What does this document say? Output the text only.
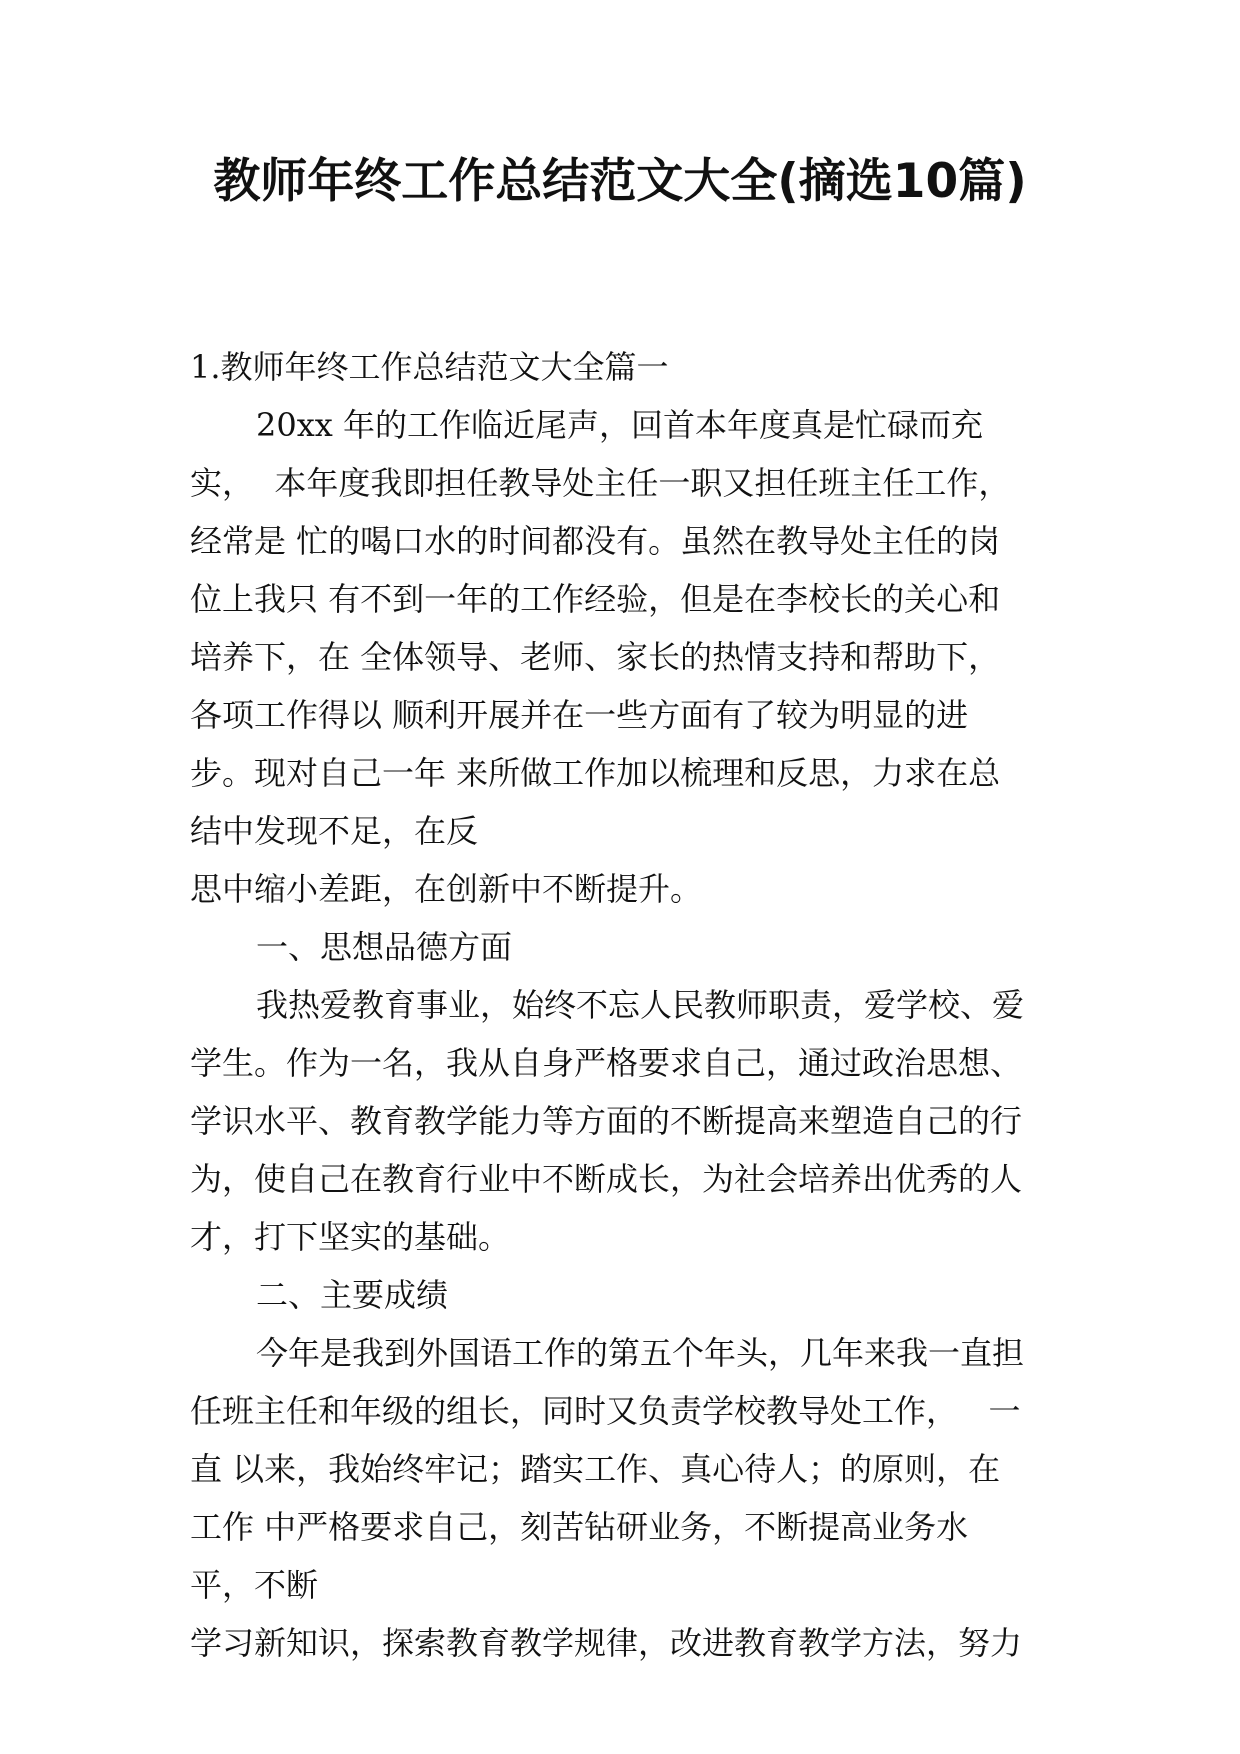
教师年终工作总结范文大全(摘选10篇)
1.教师年终工作总结范文大全篇一
20xx 年的工作临近尾声，回首本年度真是忙碌而充
实，  本年度我即担任教导处主任一职又担任班主任工作，
经常是 忙的喝口水的时间都没有。虽然在教导处主任的岗
位上我只 有不到一年的工作经验，但是在李校长的关心和
培养下，在 全体领导、老师、家长的热情支持和帮助下，
各项工作得以 顺利开展并在一些方面有了较为明显的进
步。现对自己一年 来所做工作加以梳理和反思，力求在总
结中发现不足，在反
思中缩小差距，在创新中不断提升。
一、思想品德方面
我热爱教育事业，始终不忘人民教师职责，爱学校、爱
学生。作为一名，我从自身严格要求自己，通过政治思想、
学识水平、教育教学能力等方面的不断提高来塑造自己的行
为，使自己在教育行业中不断成长，为社会培养出优秀的人
才，打下坚实的基础。
二、主要成绩
今年是我到外国语工作的第五个年头，几年来我一直担
任班主任和年级的组长，同时又负责学校教导处工作，   一
直 以来，我始终牢记；踏实工作、真心待人；的原则，在
工作 中严格要求自己，刻苦钻研业务，不断提高业务水
平，不断
学习新知识，探索教育教学规律，改进教育教学方法，努力
